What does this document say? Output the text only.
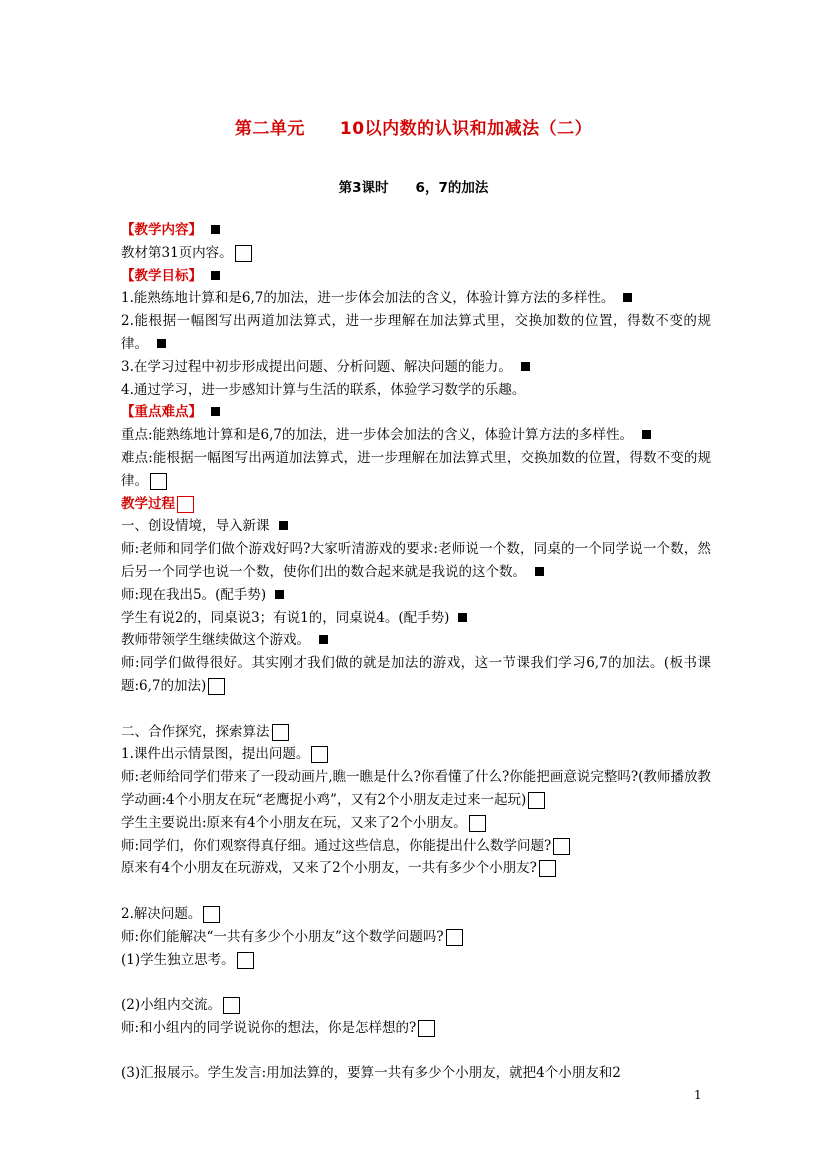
第二单元　　10以内数的认识和加减法（二）
第3课时　　6，7的加法
【教学内容】
教材第31页内容。
【教学目标】
1.能熟练地计算和是6,7的加法，进一步体会加法的含义，体验计算方法的多样性。
2.能根据一幅图写出两道加法算式，进一步理解在加法算式里，交换加数的位置，得数不变的规律。
3.在学习过程中初步形成提出问题、分析问题、解决问题的能力。
4.通过学习，进一步感知计算与生活的联系，体验学习数学的乐趣。
【重点难点】
重点:能熟练地计算和是6,7的加法，进一步体会加法的含义，体验计算方法的多样性。
难点:能根据一幅图写出两道加法算式，进一步理解在加法算式里，交换加数的位置，得数不变的规律。
教学过程
一、创设情境，导入新课
师:老师和同学们做个游戏好吗?大家听清游戏的要求:老师说一个数，同桌的一个同学说一个数，然后另一个同学也说一个数，使你们出的数合起来就是我说的这个数。
师:现在我出5。(配手势)
学生有说2的，同桌说3；有说1的，同桌说4。(配手势)
教师带领学生继续做这个游戏。
师:同学们做得很好。其实刚才我们做的就是加法的游戏，这一节课我们学习6,7的加法。(板书课题:6,7的加法)
二、合作探究，探索算法
1.课件出示情景图，提出问题。
师:老师给同学们带来了一段动画片,瞧一瞧是什么?你看懂了什么?你能把画意说完整吗?(教师播放教学动画:4个小朋友在玩“老鹰捉小鸡”，又有2个小朋友走过来一起玩)
学生主要说出:原来有4个小朋友在玩，又来了2个小朋友。
师:同学们，你们观察得真仔细。通过这些信息，你能提出什么数学问题?
原来有4个小朋友在玩游戏，又来了2个小朋友，一共有多少个小朋友?
2.解决问题。
师:你们能解决“一共有多少个小朋友”这个数学问题吗?
(1)学生独立思考。
(2)小组内交流。
师:和小组内的同学说说你的想法，你是怎样想的?
(3)汇报展示。学生发言:用加法算的，要算一共有多少个小朋友，就把4个小朋友和2
1
